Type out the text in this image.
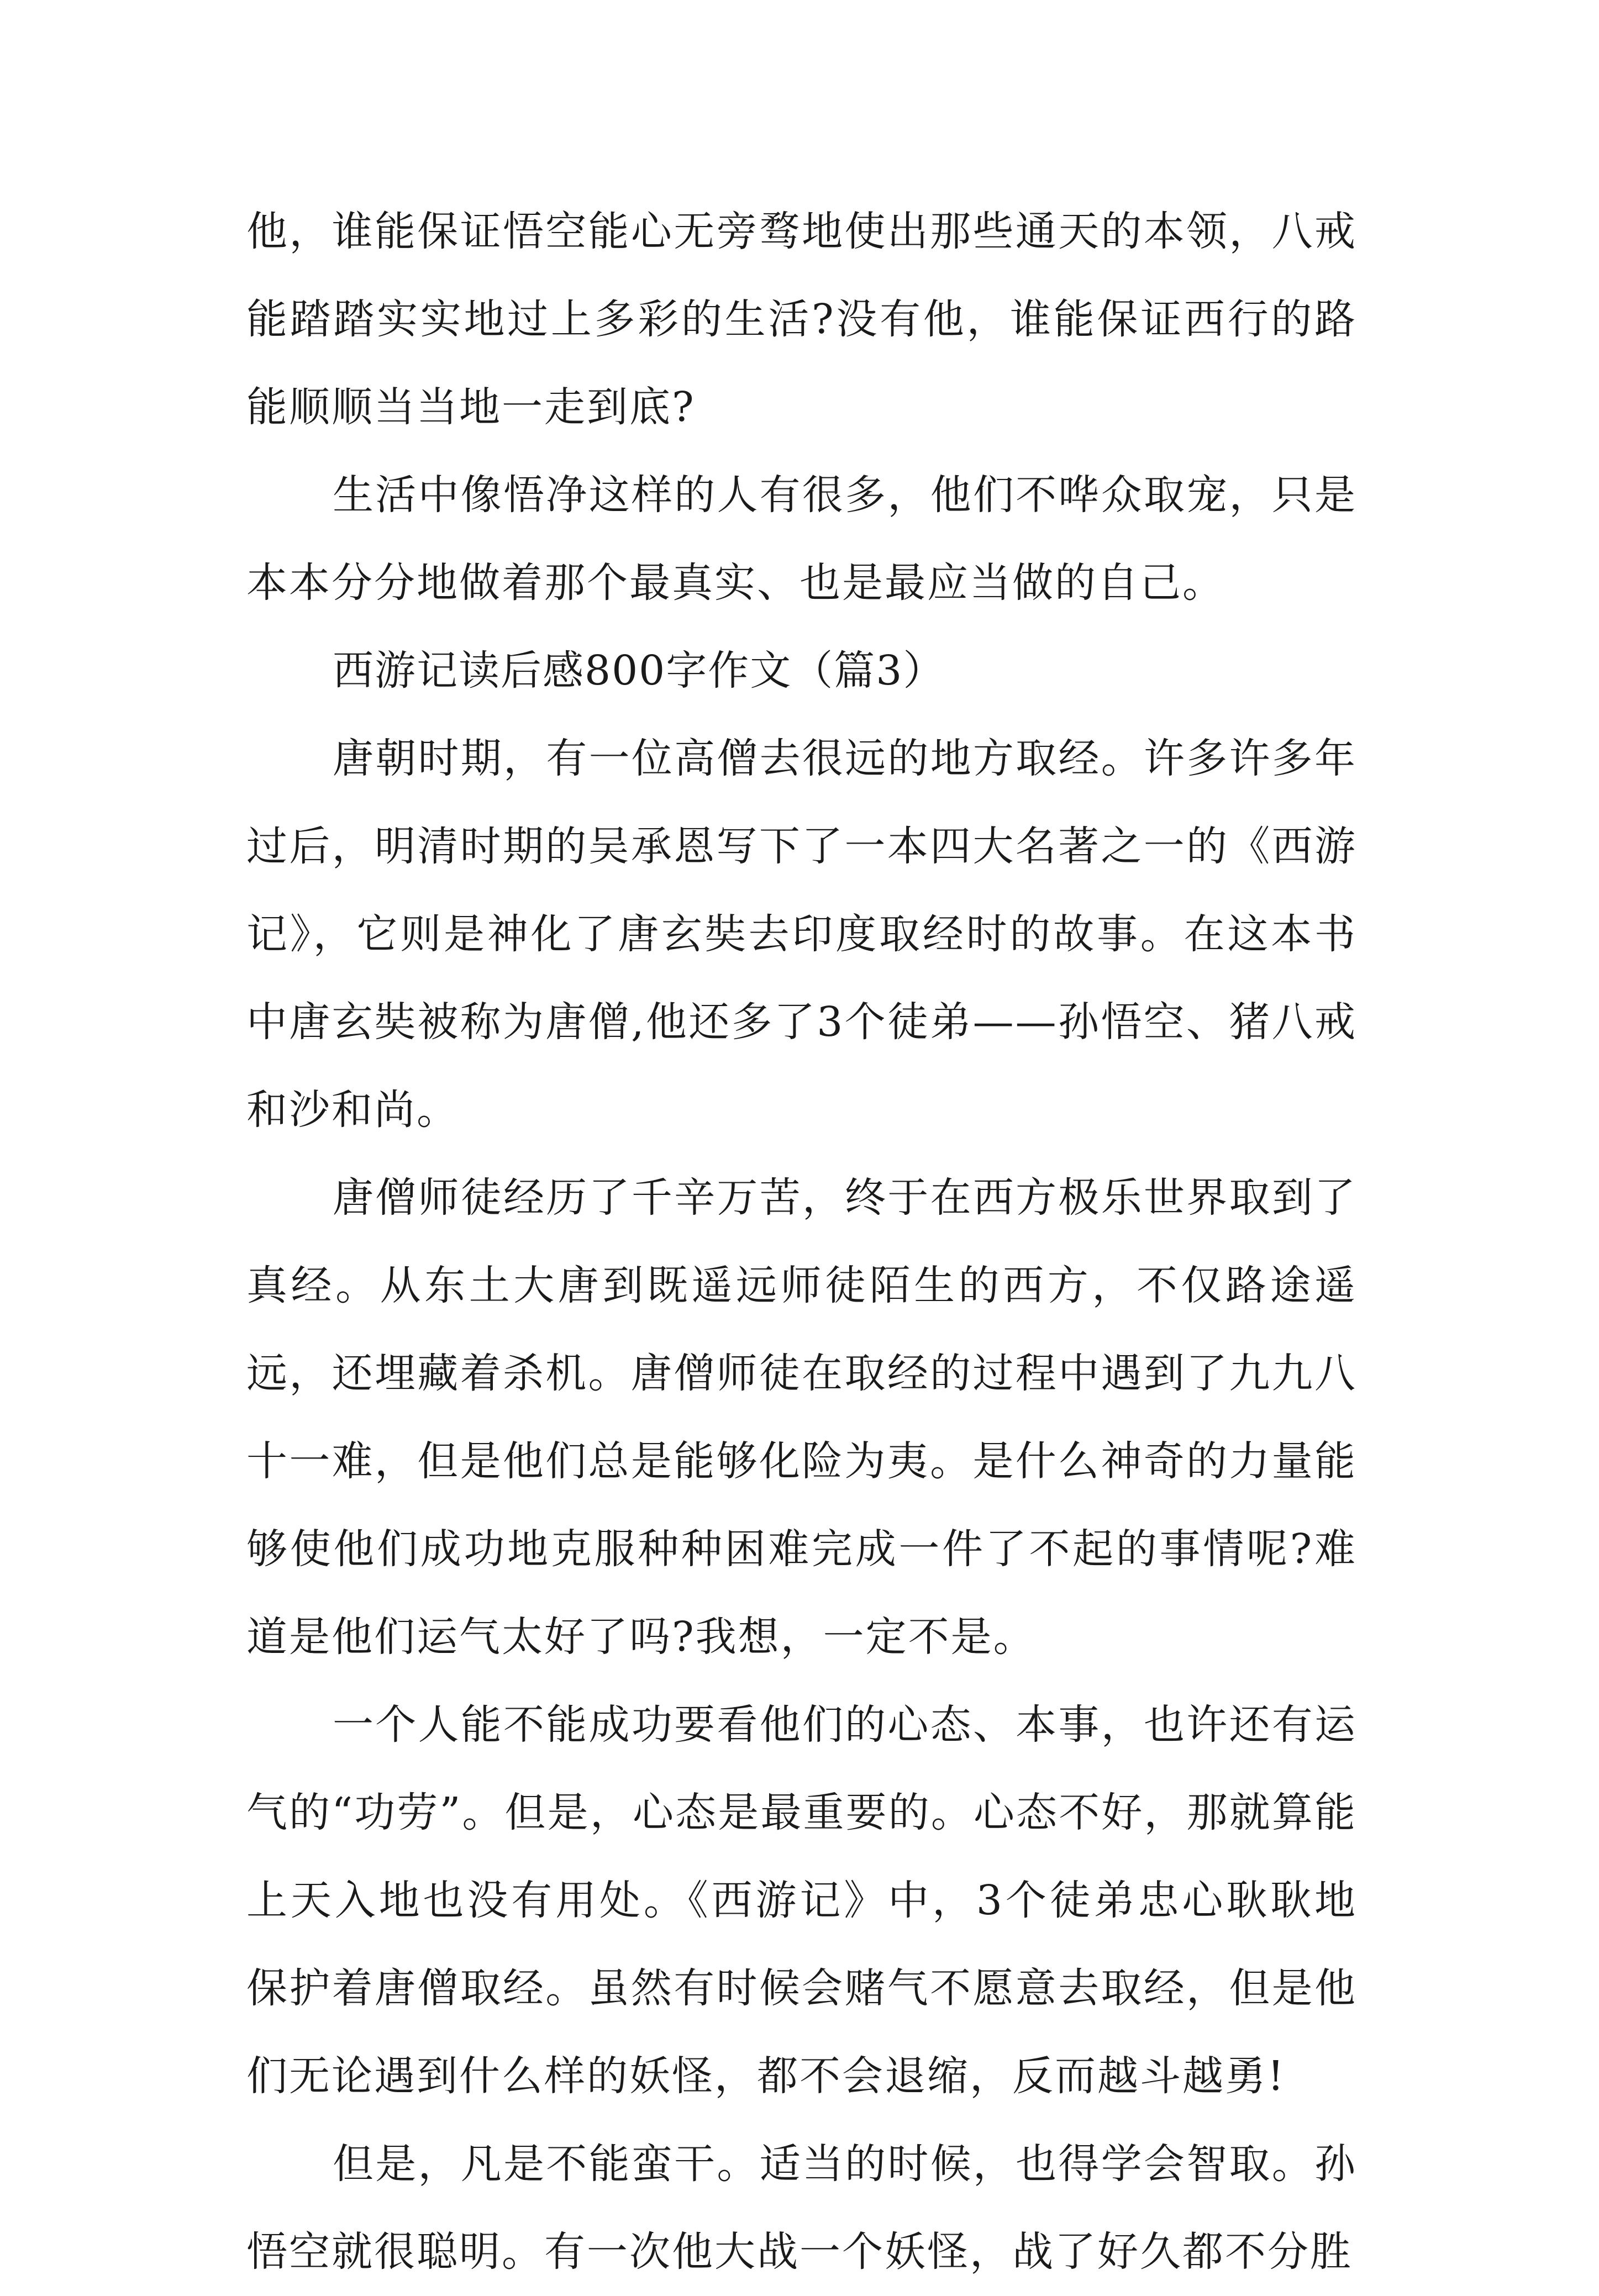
他，谁能保证悟空能心无旁骛地使出那些通天的本领，八戒能踏踏实实地过上多彩的生活?没有他，谁能保证西行的路能顺顺当当地一走到底?

生活中像悟净这样的人有很多，他们不哗众取宠，只是本本分分地做着那个最真实、也是最应当做的自己。

西游记读后感800字作文（篇3）

唐朝时期，有一位高僧去很远的地方取经。许多许多年过后，明清时期的吴承恩写下了一本四大名著之一的《西游记》，它则是神化了唐玄奘去印度取经时的故事。在这本书中唐玄奘被称为唐僧,他还多了3个徒弟——孙悟空、猪八戒和沙和尚。

唐僧师徒经历了千辛万苦，终于在西方极乐世界取到了真经。从东土大唐到既遥远师徒陌生的西方，不仅路途遥远，还埋藏着杀机。唐僧师徒在取经的过程中遇到了九九八十一难，但是他们总是能够化险为夷。是什么神奇的力量能够使他们成功地克服种种困难完成一件了不起的事情呢?难道是他们运气太好了吗?我想，一定不是。

一个人能不能成功要看他们的心态、本事，也许还有运气的“功劳”。但是，心态是最重要的。心态不好，那就算能上天入地也没有用处。《西游记》中，3个徒弟忠心耿耿地保护着唐僧取经。虽然有时候会赌气不愿意去取经，但是他们无论遇到什么样的妖怪，都不会退缩，反而越斗越勇!

但是，凡是不能蛮干。适当的时候，也得学会智取。孙悟空就很聪明。有一次他大战一个妖怪，战了好久都不分胜
